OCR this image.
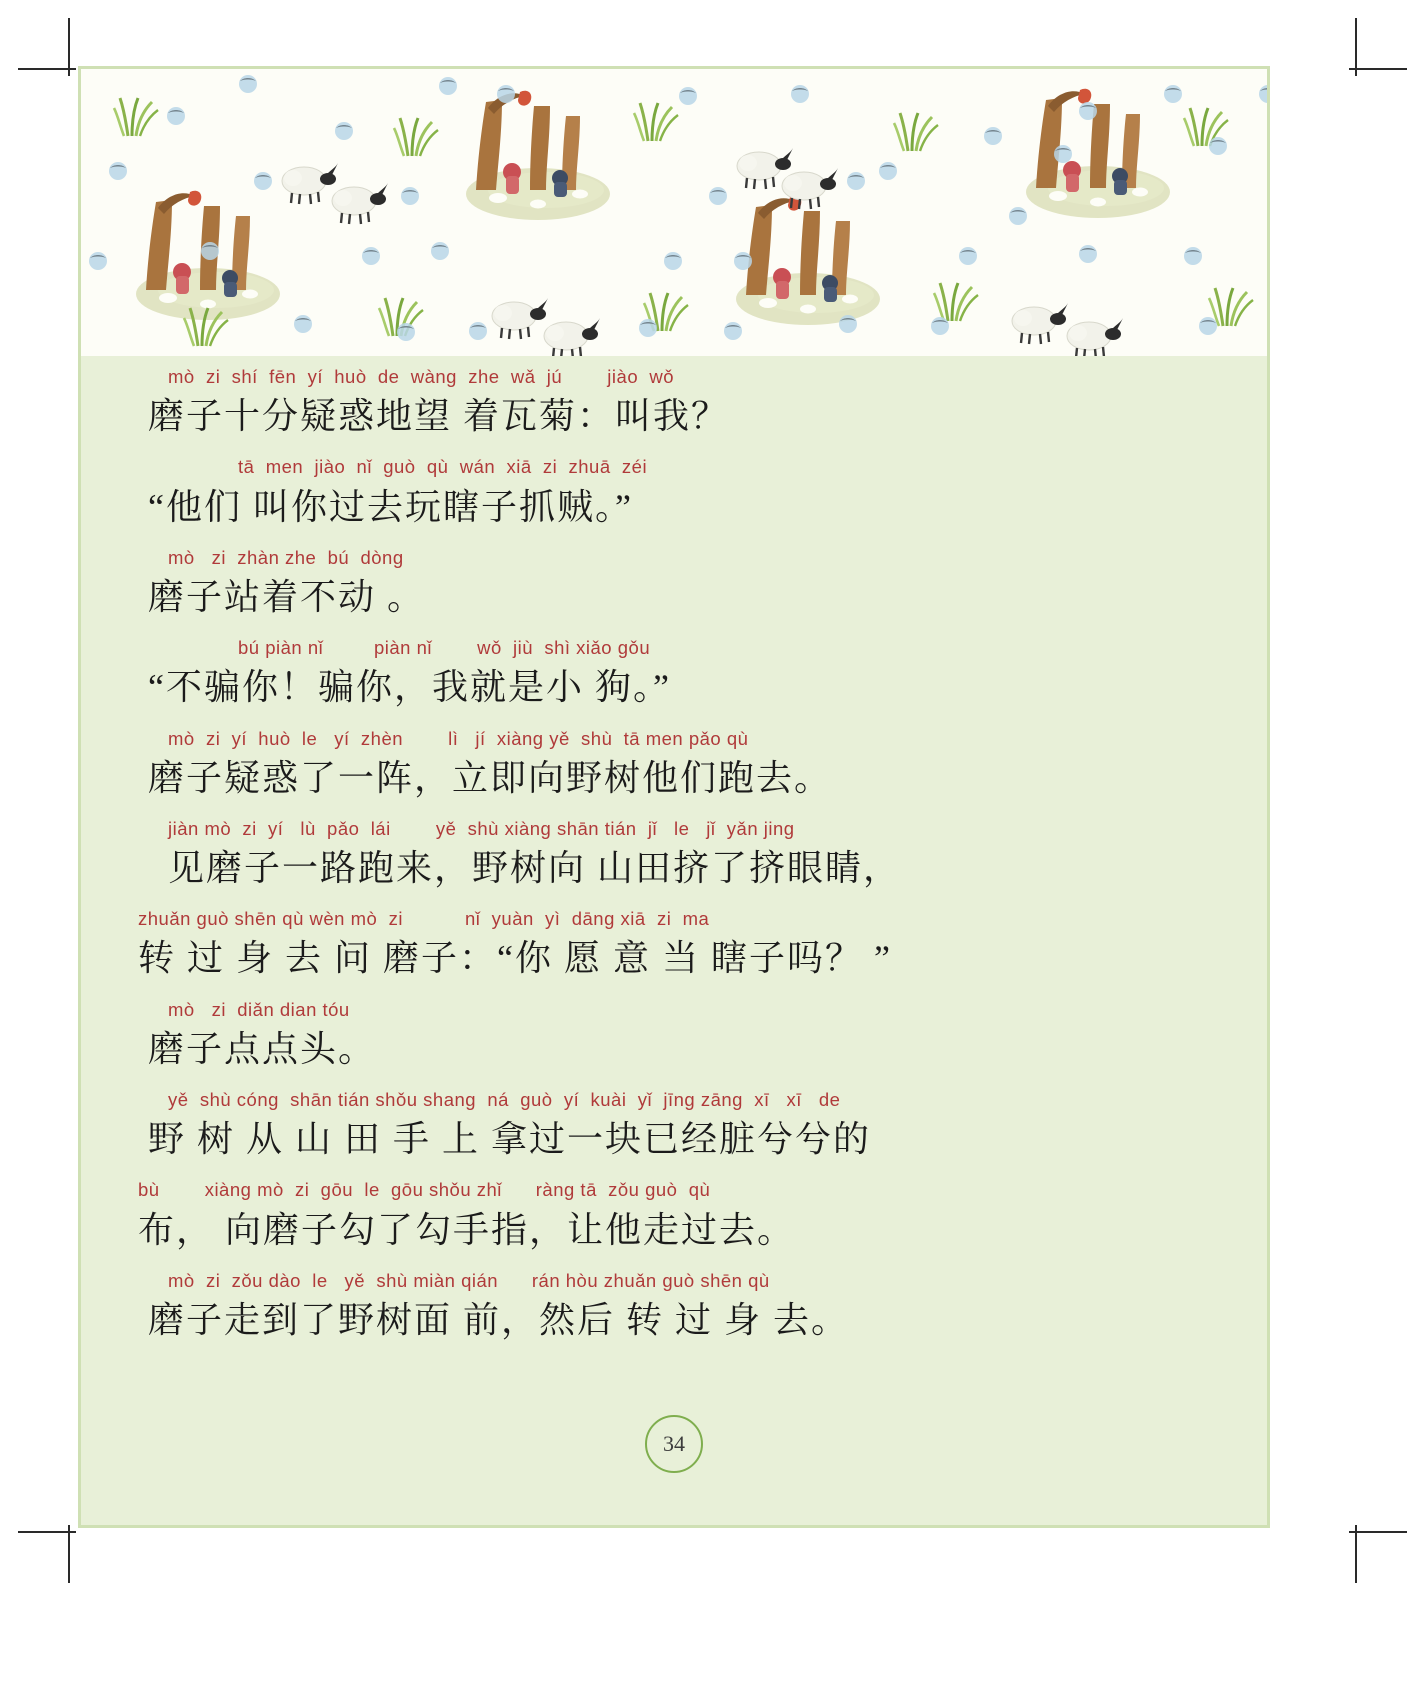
mò  zi  shí  fēn  yí  huò  de  wàng  zhe  wǎ  jú        jiào  wǒ
磨子十分疑惑地望 着瓦菊：叫我？
tā  men  jiào  nǐ  guò  qù  wán  xiā  zi  zhuā  zéi
“他们 叫你过去玩瞎子抓贼。”
mò   zi  zhàn zhe  bú  dòng
磨子站着不动 。
bú piàn nǐ         piàn nǐ        wǒ  jiù  shì xiǎo gǒu
“不骗你！骗你，我就是小 狗。”
mò  zi  yí  huò  le   yí  zhèn        lì   jí  xiàng yě  shù  tā men pǎo qù
磨子疑惑了一阵，立即向野树他们跑去。
jiàn mò  zi  yí   lù  pǎo  lái        yě  shù xiàng shān tián  jǐ   le   jǐ  yǎn jing
见磨子一路跑来，野树向 山田挤了挤眼睛，
zhuǎn guò shēn qù wèn mò  zi           nǐ  yuàn  yì  dāng xiā  zi  ma
转 过 身 去 问 磨子：“你 愿 意 当 瞎子吗？ ”
mò   zi  diǎn dian tóu
磨子点点头。
yě  shù cóng  shān tián shǒu shang  ná  guò  yí  kuài  yǐ  jīng zāng  xī   xī   de
野 树 从 山 田 手 上 拿过一块已经脏兮兮的
bù        xiàng mò  zi  gōu  le  gōu shǒu zhǐ      ràng tā  zǒu guò  qù
布， 向磨子勾了勾手指，让他走过去。
mò  zi  zǒu dào  le   yě  shù miàn qián      rán hòu zhuǎn guò shēn qù
磨子走到了野树面 前，然后 转 过 身 去。
34
